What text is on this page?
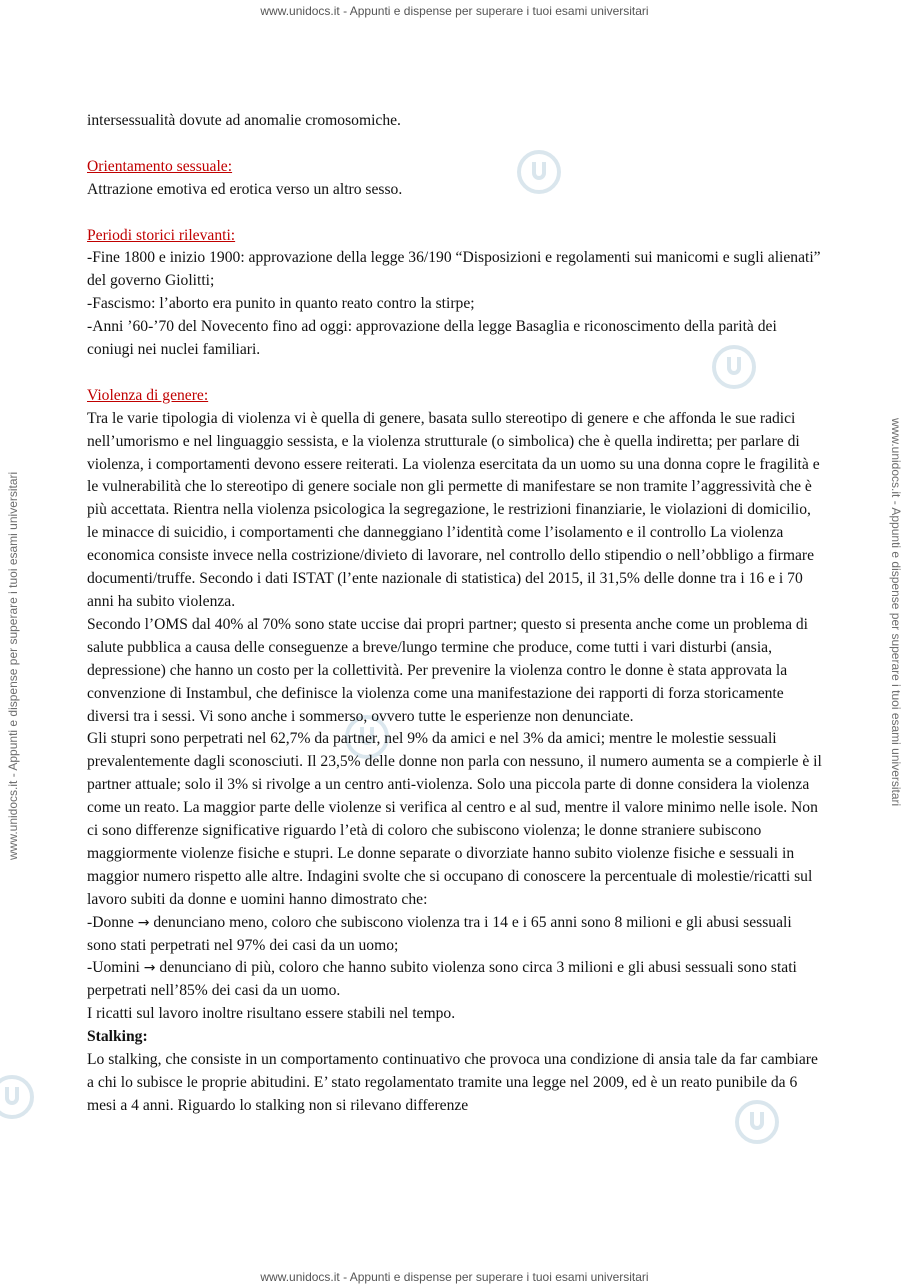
www.unidocs.it - Appunti e dispense per superare i tuoi esami universitari
www.unidocs.it - Appunti e dispense per superare i tuoi esami universitari	www.unidocs.it - Appunti e dispense per superare i tuoi esami universitari

intersessualità dovute ad anomalie cromosomiche.

Orientamento sessuale:

Attrazione emotiva ed erotica verso un altro sesso.

Periodi storici rilevanti:

-Fine 1800 e inizio 1900: approvazione della legge 36/190 “Disposizioni e regolamenti sui manicomi e sugli alienati” del governo Giolitti;

-Fascismo: l’aborto era punito in quanto reato contro la stirpe;

-Anni ’60-’70 del Novecento fino ad oggi: approvazione della legge Basaglia e riconoscimento della parità dei coniugi nei nuclei familiari.

Violenza di genere:

Tra le varie tipologia di violenza vi è quella di genere, basata sullo stereotipo di genere e che affonda le sue radici nell’umorismo e nel linguaggio sessista, e la violenza strutturale (o simbolica) che è quella indiretta; per parlare di violenza, i comportamenti devono essere reiterati. La violenza esercitata da un uomo su una donna copre le fragilità e le vulnerabilità che lo stereotipo di genere sociale non gli permette di manifestare se non tramite l’aggressività che è più accettata. Rientra nella violenza psicologica la segregazione, le restrizioni finanziarie, le violazioni di domicilio, le minacce di suicidio, i comportamenti che danneggiano l’identità come l’isolamento e il controllo La violenza economica consiste invece nella costrizione/divieto di lavorare, nel controllo dello stipendio o nell’obbligo a firmare documenti/truffe. Secondo i dati ISTAT (l’ente nazionale di statistica) del 2015, il 31,5% delle donne tra i 16 e i 70 anni ha subito violenza.

Secondo l’OMS dal 40% al 70% sono state uccise dai propri partner; questo si presenta anche come un problema di salute pubblica a causa delle conseguenze a breve/lungo termine che produce, come tutti i vari disturbi (ansia, depressione) che hanno un costo per la collettività. Per prevenire la violenza contro le donne è stata approvata la convenzione di Instambul, che definisce la violenza come una manifestazione dei rapporti di forza storicamente diversi tra i sessi. Vi sono anche i sommerso, ovvero tutte le esperienze non denunciate.

Gli stupri sono perpetrati nel 62,7% da partner, nel 9% da amici e nel 3% da amici; mentre le molestie sessuali prevalentemente dagli sconosciuti. Il 23,5% delle donne non parla con nessuno, il numero aumenta se a compierle è il partner attuale; solo il 3% si rivolge a un centro anti-violenza. Solo una piccola parte di donne considera la violenza come un reato. La maggior parte delle violenze si verifica al centro e al sud, mentre il valore minimo nelle isole. Non ci sono differenze significative riguardo l’età di coloro che subiscono violenza; le donne straniere subiscono maggiormente violenze fisiche e stupri. Le donne separate o divorziate hanno subito violenze fisiche e sessuali in maggior numero rispetto alle altre. Indagini svolte che si occupano di conoscere la percentuale di molestie/ricatti sul lavoro subiti da donne e uomini hanno dimostrato che:

-Donne → denunciano meno, coloro che subiscono violenza tra i 14 e i 65 anni sono 8 milioni e gli abusi sessuali sono stati perpetrati nel 97% dei casi da un uomo;

-Uomini → denunciano di più, coloro che hanno subito violenza sono circa 3 milioni e gli abusi sessuali sono stati perpetrati nell’85% dei casi da un uomo.

I ricatti sul lavoro inoltre risultano essere stabili nel tempo.

Stalking:

Lo stalking, che consiste in un comportamento continuativo che provoca una condizione di ansia tale da far cambiare a chi lo subisce le proprie abitudini. E’ stato regolamentato tramite una legge nel 2009, ed è un reato punibile da 6 mesi a 4 anni. Riguardo lo stalking non si rilevano differenze

www.unidocs.it - Appunti e dispense per superare i tuoi esami universitari
